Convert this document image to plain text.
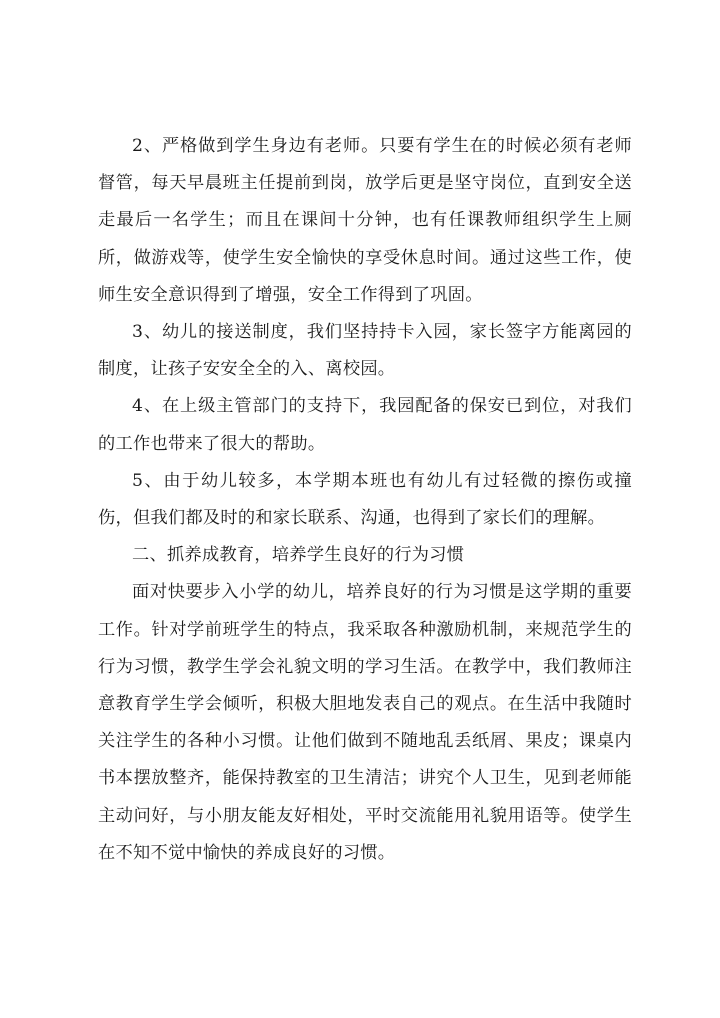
2、严格做到学生身边有老师。只要有学生在的时候必须有老师督管，每天早晨班主任提前到岗，放学后更是坚守岗位，直到安全送走最后一名学生；而且在课间十分钟，也有任课教师组织学生上厕所，做游戏等，使学生安全愉快的享受休息时间。通过这些工作，使师生安全意识得到了增强，安全工作得到了巩固。

3、幼儿的接送制度，我们坚持持卡入园，家长签字方能离园的制度，让孩子安安全全的入、离校园。

4、在上级主管部门的支持下，我园配备的保安已到位，对我们的工作也带来了很大的帮助。

5、由于幼儿较多，本学期本班也有幼儿有过轻微的擦伤或撞伤，但我们都及时的和家长联系、沟通，也得到了家长们的理解。

二、抓养成教育，培养学生良好的行为习惯

面对快要步入小学的幼儿，培养良好的行为习惯是这学期的重要工作。针对学前班学生的特点，我采取各种激励机制，来规范学生的行为习惯，教学生学会礼貌文明的学习生活。在教学中，我们教师注意教育学生学会倾听，积极大胆地发表自己的观点。在生活中我随时关注学生的各种小习惯。让他们做到不随地乱丢纸屑、果皮；课桌内书本摆放整齐，能保持教室的卫生清洁；讲究个人卫生，见到老师能主动问好，与小朋友能友好相处，平时交流能用礼貌用语等。使学生在不知不觉中愉快的养成良好的习惯。
